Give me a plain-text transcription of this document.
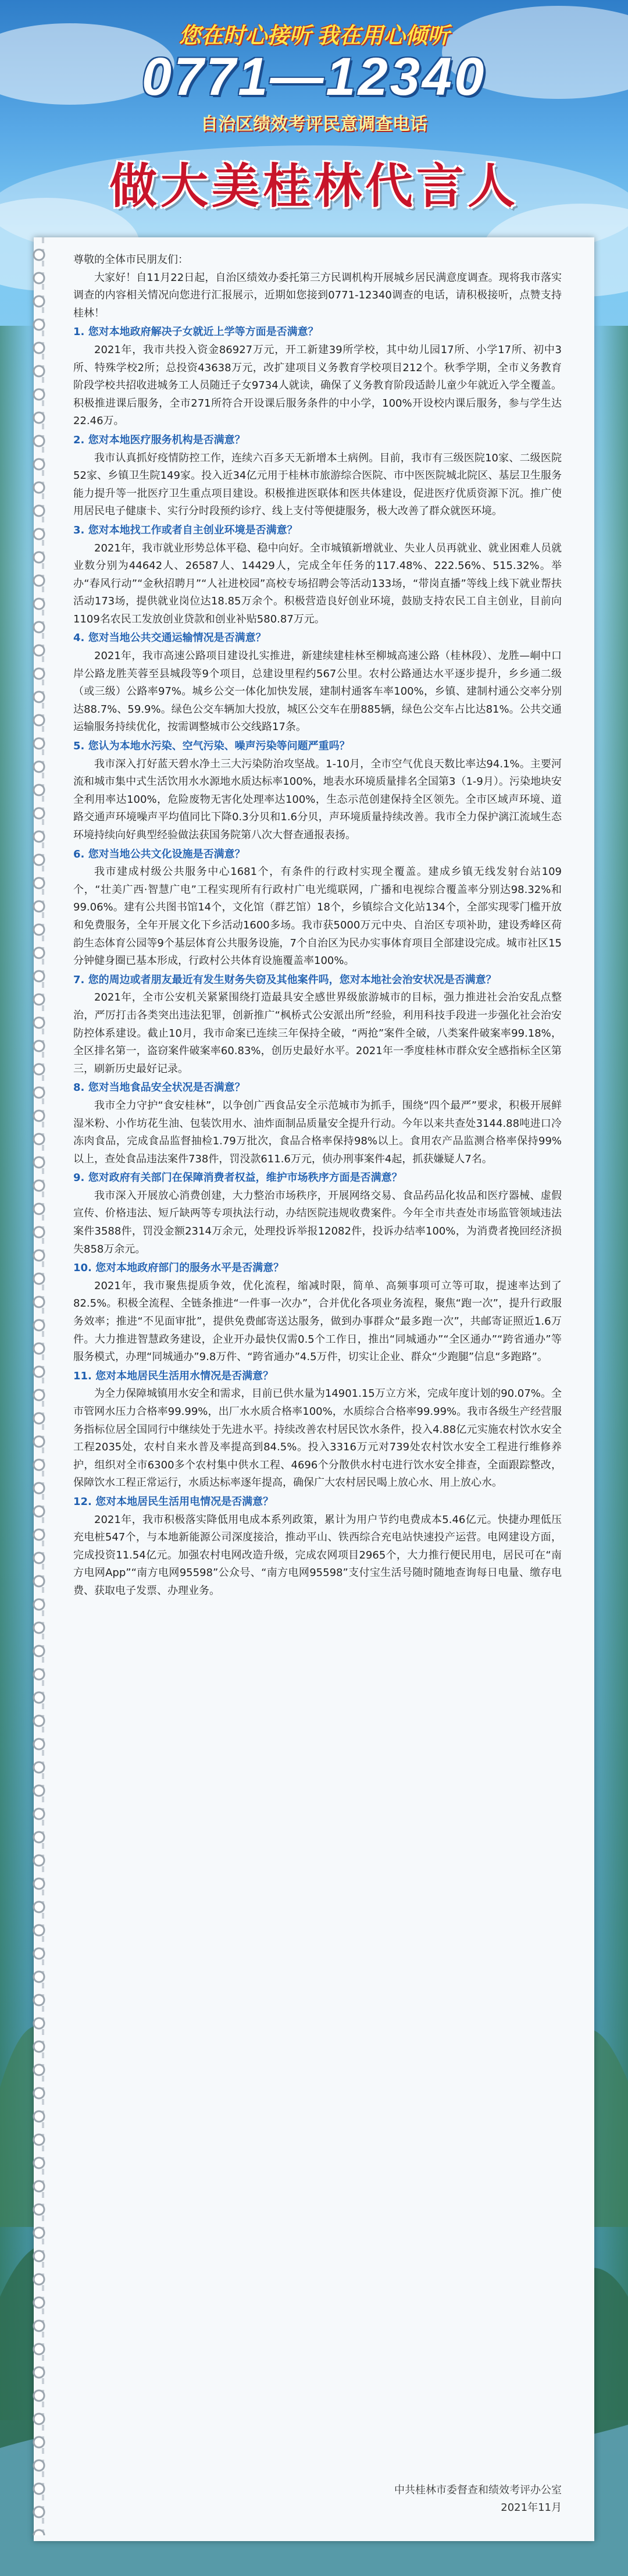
您在时心接听 我在用心倾听
0771—12340
自治区绩效考评民意调查电话
做大美桂林代言人

尊敬的全体市民朋友们：

大家好！自11月22日起，自治区绩效办委托第三方民调机构开展城乡居民满意度调查。现将我市落实调查的内容相关情况向您进行汇报展示，近期如您接到0771-12340调查的电话，请积极接听，点赞支持桂林！

1. 您对本地政府解决子女就近上学等方面是否满意？

2021年，我市共投入资金86927万元，开工新建39所学校，其中幼儿园17所、小学17所、初中3所、特殊学校2所；总投资43638万元，改扩建项目义务教育学校项目212个。秋季学期，全市义务教育阶段学校共招收进城务工人员随迁子女9734人就读，确保了义务教育阶段适龄儿童少年就近入学全覆盖。积极推进课后服务，全市271所符合开设课后服务条件的中小学，100%开设校内课后服务，参与学生达22.46万。

2. 您对本地医疗服务机构是否满意？

我市认真抓好疫情防控工作，连续六百多天无新增本土病例。目前，我市有三级医院10家、二级医院52家、乡镇卫生院149家。投入近34亿元用于桂林市旅游综合医院、市中医医院城北院区、基层卫生服务能力提升等一批医疗卫生重点项目建设。积极推进医联体和医共体建设，促进医疗优质资源下沉。推广使用居民电子健康卡、实行分时段预约诊疗、线上支付等便捷服务，极大改善了群众就医环境。

3. 您对本地找工作或者自主创业环境是否满意？

2021年，我市就业形势总体平稳、稳中向好。全市城镇新增就业、失业人员再就业、就业困难人员就业数分别为44642人、26587人、14429人，完成全年任务的117.48%、222.56%、515.32%。举办“春风行动”“金秋招聘月”“人社进校园”高校专场招聘会等活动133场，“带岗直播”等线上线下就业帮扶活动173场，提供就业岗位达18.85万余个。积极营造良好创业环境，鼓励支持农民工自主创业，目前向1109名农民工发放创业贷款和创业补贴580.87万元。

4. 您对当地公共交通运输情况是否满意？

2021年，我市高速公路项目建设扎实推进，新建续建桂林至柳城高速公路（桂林段）、龙胜—峒中口岸公路龙胜芙蓉至县城段等9个项目，总建设里程约567公里。农村公路通达水平逐步提升，乡乡通二级（或三级）公路率97%。城乡公交一体化加快发展，建制村通客车率100%，乡镇、建制村通公交率分别达88.7%、59.9%。绿色公交车辆加大投放，城区公交车在册885辆，绿色公交车占比达81%。公共交通运输服务持续优化，按需调整城市公交线路17条。

5. 您认为本地水污染、空气污染、噪声污染等问题严重吗？

我市深入打好蓝天碧水净土三大污染防治攻坚战。1-10月，全市空气优良天数比率达94.1%。主要河流和城市集中式生活饮用水水源地水质达标率100%，地表水环境质量排名全国第3（1-9月）。污染地块安全利用率达100%，危险废物无害化处理率达100%，生态示范创建保持全区领先。全市区域声环境、道路交通声环境噪声平均值同比下降0.3分贝和1.6分贝，声环境质量持续改善。我市全力保护漓江流域生态环境持续向好典型经验做法获国务院第八次大督查通报表扬。

6. 您对当地公共文化设施是否满意？

我市建成村级公共服务中心1681个，有条件的行政村实现全覆盖。建成乡镇无线发射台站109个，“壮美广西·智慧广电”工程实现所有行政村广电光缆联网，广播和电视综合覆盖率分别达98.32%和99.06%。建有公共图书馆14个，文化馆（群艺馆）18个，乡镇综合文化站134个，全部实现零门槛开放和免费服务，全年开展文化下乡活动1600多场。我市获5000万元中央、自治区专项补助，建设秀峰区荷韵生态体育公园等9个基层体育公共服务设施，7个自治区为民办实事体育项目全部建设完成。城市社区15分钟健身圈已基本形成，行政村公共体育设施覆盖率100%。

7. 您的周边或者朋友最近有发生财务失窃及其他案件吗，您对本地社会治安状况是否满意？

2021年，全市公安机关紧紧围绕打造最具安全感世界级旅游城市的目标，强力推进社会治安乱点整治，严厉打击各类突出违法犯罪，创新推广“枫桥式公安派出所”经验，利用科技手段进一步强化社会治安防控体系建设。截止10月，我市命案已连续三年保持全破，“两抢”案件全破，八类案件破案率99.18%，全区排名第一，盗窃案件破案率60.83%，创历史最好水平。2021年一季度桂林市群众安全感指标全区第三，刷新历史最好记录。

8. 您对当地食品安全状况是否满意？

我市全力守护“食安桂林”，以争创广西食品安全示范城市为抓手，围绕“四个最严”要求，积极开展鲜湿米粉、小作坊花生油、包装饮用水、油炸面制品质量安全提升行动。今年以来共查处3144.88吨进口冷冻肉食品，完成食品监督抽检1.79万批次，食品合格率保持98%以上。食用农产品监测合格率保持99%以上，查处食品违法案件738件，罚没款611.6万元，侦办刑事案件4起，抓获嫌疑人7名。

9. 您对政府有关部门在保障消费者权益，维护市场秩序方面是否满意？

我市深入开展放心消费创建，大力整治市场秩序，开展网络交易、食品药品化妆品和医疗器械、虚假宣传、价格违法、短斤缺两等专项执法行动，办结医院违规收费案件。今年全市共查处市场监管领域违法案件3588件，罚没金额2314万余元，处理投诉举报12082件，投诉办结率100%，为消费者挽回经济损失858万余元。

10. 您对本地政府部门的服务水平是否满意？

2021年，我市聚焦提质争效，优化流程，缩减时限，简单、高频事项可立等可取，提速率达到了82.5%。积极全流程、全链条推进“一件事一次办”，合并优化各项业务流程，聚焦“跑一次”，提升行政服务效率；推进“不见面审批”，提供免费邮寄送达服务，做到办事群众“最多跑一次”，共邮寄证照近1.6万件。大力推进智慧政务建设，企业开办最快仅需0.5个工作日，推出“同城通办”“全区通办”“跨省通办”等服务模式，办理“同城通办”9.8万件、“跨省通办”4.5万件，切实让企业、群众“少跑腿”信息“多跑路”。

11. 您对本地居民生活用水情况是否满意？

为全力保障城镇用水安全和需求，目前已供水量为14901.15万立方米，完成年度计划的90.07%。全市管网水压力合格率99.99%，出厂水水质合格率100%，水质综合合格率99.99%。我市各级生产经营服务指标位居全国同行中继续处于先进水平。持续改善农村居民饮水条件，投入4.88亿元实施农村饮水安全工程2035处，农村自来水普及率提高到84.5%。投入3316万元对739处农村饮水安全工程进行维修养护，组织对全市6300多个农村集中供水工程、4696个分散供水村屯进行饮水安全排查，全面跟踪整改，保障饮水工程正常运行，水质达标率逐年提高，确保广大农村居民喝上放心水、用上放心水。

12. 您对本地居民生活用电情况是否满意？

2021年，我市积极落实降低用电成本系列政策，累计为用户节约电费成本5.46亿元。快捷办理低压充电桩547个，与本地新能源公司深度接洽，推动平山、铁西综合充电站快速投产运营。电网建设方面，完成投资11.54亿元。加强农村电网改造升级，完成农网项目2965个，大力推行便民用电，居民可在“南方电网App”“南方电网95598”公众号、“南方电网95598”支付宝生活号随时随地查询每日电量、缴存电费、获取电子发票、办理业务。

中共桂林市委督查和绩效考评办公室
2021年11月
